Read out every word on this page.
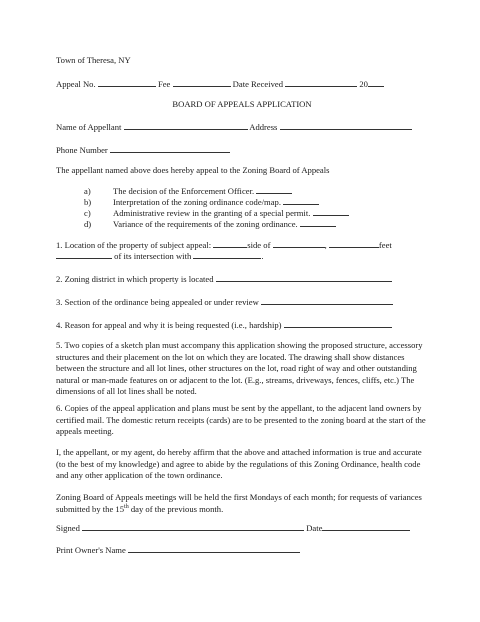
Town of Theresa, NY
Appeal No.	Fee	Date Received	20
BOARD OF APPEALS APPLICATION
Name of Appellant	Address
Phone Number
The appellant named above does hereby appeal to the Zoning Board of Appeals
a)	The decision of the Enforcement Officer.
b)	Interpretation of the zoning ordinance code/map.
c)	Administrative review in the granting of a special permit.
d)	Variance of the requirements of the zoning ordinance.
1. Location of the property of subject appeal:	side of	,	feet
of its intersection with	.
2. Zoning district in which property is located
3. Section of the ordinance being appealed or under review
4. Reason for appeal and why it is being requested (i.e., hardship)
5. Two copies of a sketch plan must accompany this application showing the proposed structure, accessory structures and their placement on the lot on which they are located. The drawing shall show distances between the structure and all lot lines, other structures on the lot, road right of way and other outstanding natural or man-made features on or adjacent to the lot. (E.g., streams, driveways, fences, cliffs, etc.) The dimensions of all lot lines shall be noted.
6. Copies of the appeal application and plans must be sent by the appellant, to the adjacent land owners by certified mail. The domestic return receipts (cards) are to be presented to the zoning board at the start of the appeals meeting.
I, the appellant, or my agent, do hereby affirm that the above and attached information is true and accurate (to the best of my knowledge) and agree to abide by the regulations of this Zoning Ordinance, health code and any other application of the town ordinance.
Zoning Board of Appeals meetings will be held the first Mondays of each month; for requests of variances submitted by the 15th day of the previous month.
Signed	Date
Print Owner's Name
